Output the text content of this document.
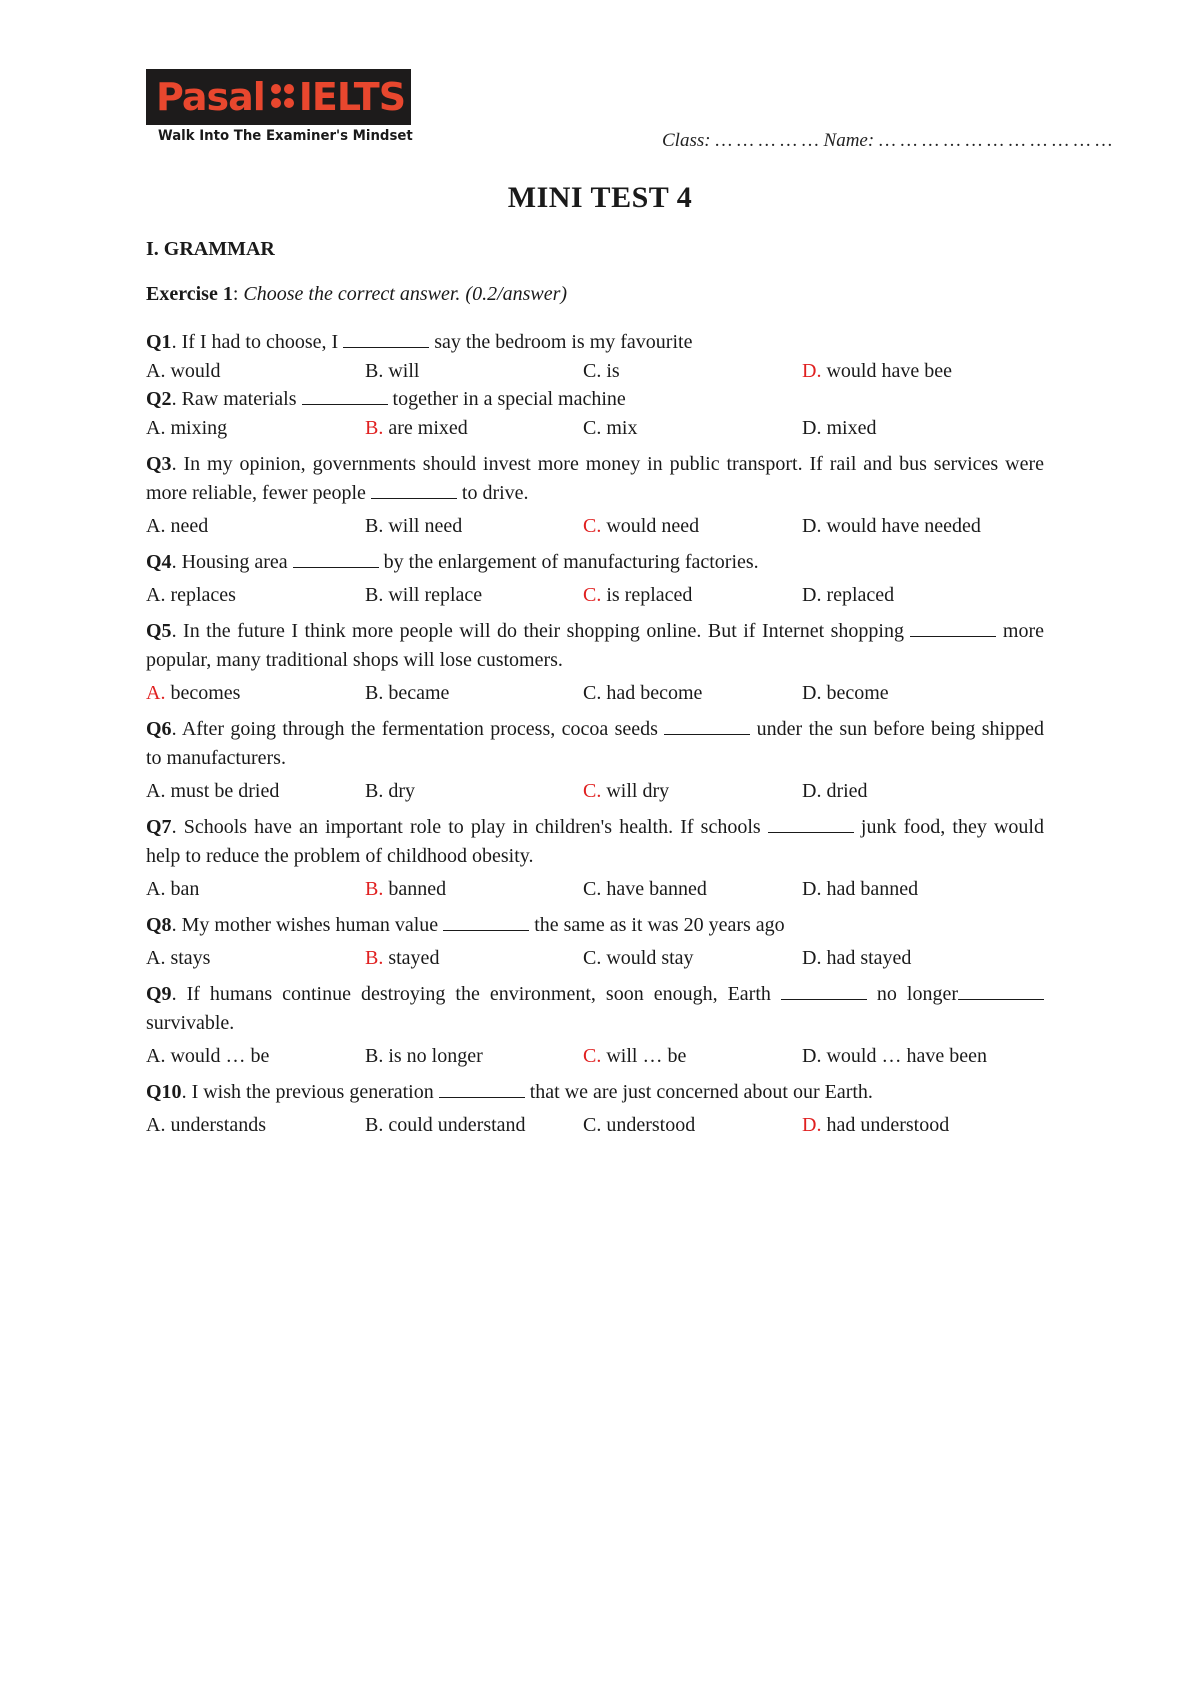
Pasal IELTS
Walk Into The Examiner's Mindset	Class: … … … … … Name: … … … … … … … … … … …
MINI TEST 4
I. GRAMMAR
Exercise 1: Choose the correct answer. (0.2/answer)

Q1. If I had to choose, I	say the bedroom is my favourite

A. would	B. will	C. is	D. would have bee

Q2. Raw materials	together in a special machine

A. mixing	B. are mixed	C. mix	D. mixed

Q3. In my opinion, governments should invest more money in public transport. If rail and bus services were more reliable, fewer people	to drive.

A. need	B. will need	C. would need	D. would have needed

Q4. Housing area	by the enlargement of manufacturing factories.

A. replaces	B. will replace	C. is replaced	D. replaced

Q5. In the future I think more people will do their shopping online. But if Internet shopping	more popular, many traditional shops will lose customers.

A. becomes	B. became	C. had become	D. become

Q6. After going through the fermentation process, cocoa seeds	under the sun before being shipped to manufacturers.

A. must be dried	B. dry	C. will dry	D. dried

Q7. Schools have an important role to play in children's health. If schools	junk food, they would help to reduce the problem of childhood obesity.

A. ban	B. banned	C. have banned	D. had banned

Q8. My mother wishes human value	the same as it was 20 years ago

A. stays	B. stayed	C. would stay	D. had stayed

Q9. If humans continue destroying the environment, soon enough, Earth	no longer survivable.

A. would … be	B. is no longer	C. will … be	D. would … have been

Q10. I wish the previous generation	that we are just concerned about our Earth.

A. understands	B. could understand	C. understood	D. had understood
